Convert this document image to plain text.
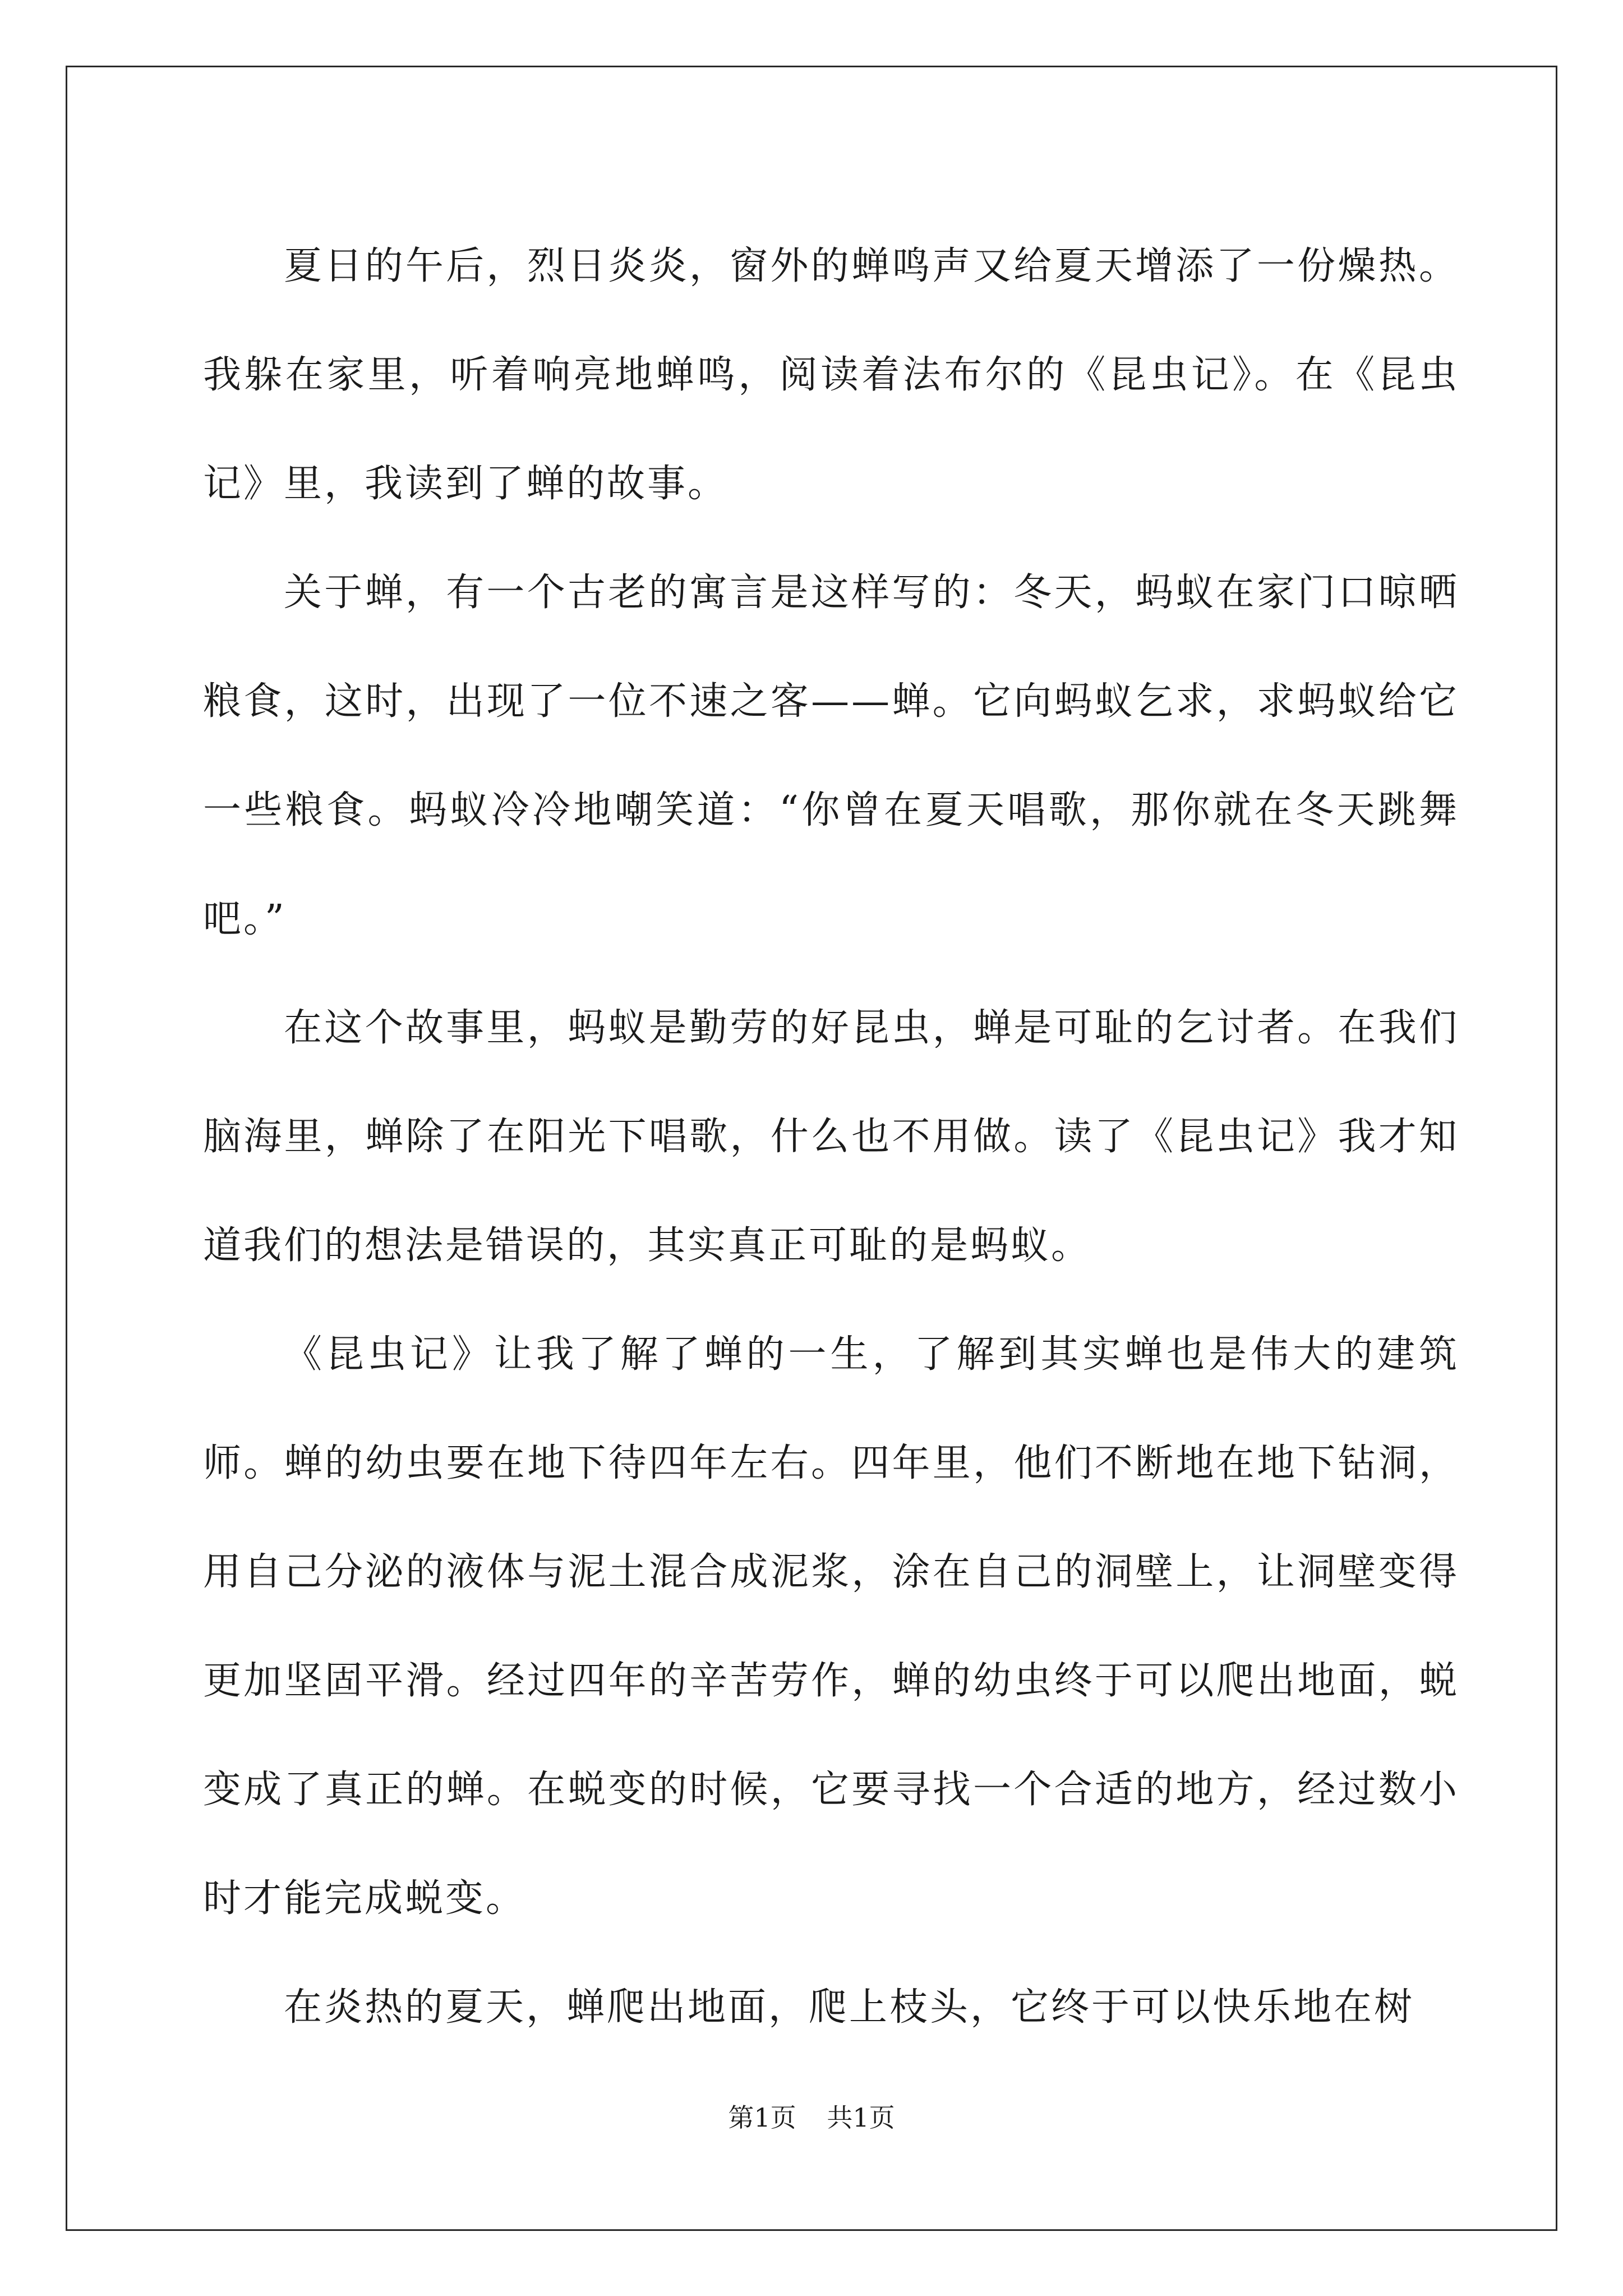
夏日的午后，烈日炎炎，窗外的蝉鸣声又给夏天增添了一份燥热。我躲在家里，听着响亮地蝉鸣，阅读着法布尔的《昆虫记》。在《昆虫记》里，我读到了蝉的故事。

关于蝉，有一个古老的寓言是这样写的：冬天，蚂蚁在家门口晾晒粮食，这时，出现了一位不速之客——蝉。它向蚂蚁乞求，求蚂蚁给它一些粮食。蚂蚁冷冷地嘲笑道：“你曾在夏天唱歌，那你就在冬天跳舞吧。”

在这个故事里，蚂蚁是勤劳的好昆虫，蝉是可耻的乞讨者。在我们脑海里，蝉除了在阳光下唱歌，什么也不用做。读了《昆虫记》我才知道我们的想法是错误的，其实真正可耻的是蚂蚁。

《昆虫记》让我了解了蝉的一生，了解到其实蝉也是伟大的建筑师。蝉的幼虫要在地下待四年左右。四年里，他们不断地在地下钻洞，用自己分泌的液体与泥土混合成泥浆，涂在自己的洞壁上，让洞壁变得更加坚固平滑。经过四年的辛苦劳作，蝉的幼虫终于可以爬出地面，蜕变成了真正的蝉。在蜕变的时候，它要寻找一个合适的地方，经过数小时才能完成蜕变。

在炎热的夏天，蝉爬出地面，爬上枝头，它终于可以快乐地在树

第1页 共1页
